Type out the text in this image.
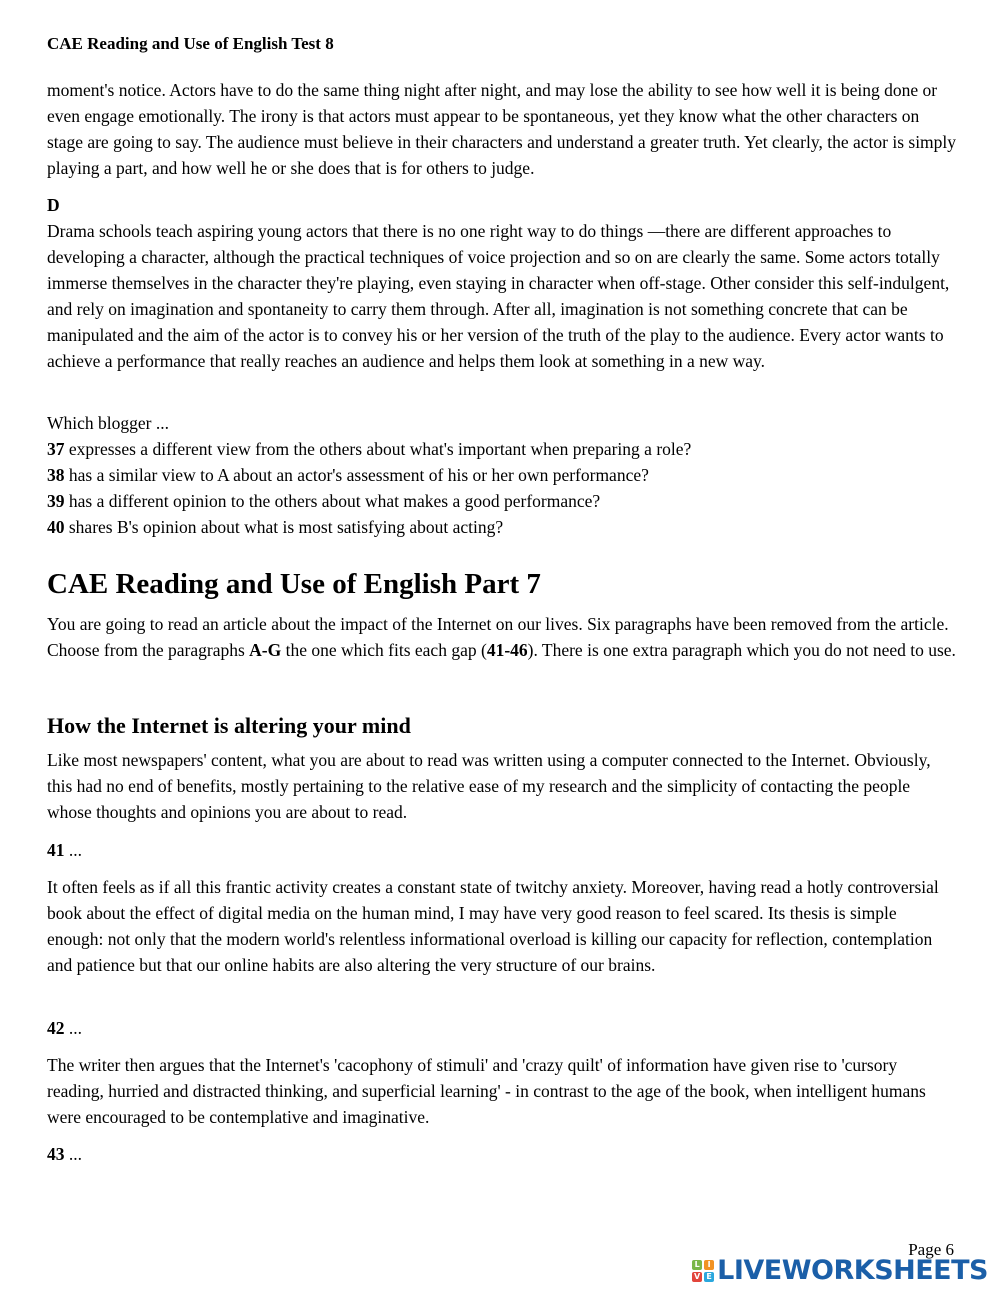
CAE Reading and Use of English Test 8

moment's notice. Actors have to do the same thing night after night, and may lose the ability to see how well it is being done or even engage emotionally. The irony is that actors must appear to be spontaneous, yet they know what the other characters on stage are going to say. The audience must believe in their characters and understand a greater truth. Yet clearly, the actor is simply playing a part, and how well he or she does that is for others to judge.

D

Drama schools teach aspiring young actors that there is no one right way to do things —there are different approaches to developing a character, although the practical techniques of voice projection and so on are clearly the same. Some actors totally immerse themselves in the character they're playing, even staying in character when off-stage. Other consider this self-indulgent, and rely on imagination and spontaneity to carry them through. After all, imagination is not something concrete that can be manipulated and the aim of the actor is to convey his or her version of the truth of the play to the audience. Every actor wants to achieve a performance that really reaches an audience and helps them look at something in a new way.

Which blogger ...
37 expresses a different view from the others about what's important when preparing a role?
38 has a similar view to A about an actor's assessment of his or her own performance?
39 has a different opinion to the others about what makes a good performance?
40 shares B's opinion about what is most satisfying about acting?
CAE Reading and Use of English Part 7

You are going to read an article about the impact of the Internet on our lives. Six paragraphs have been removed from the article. Choose from the paragraphs A-G the one which fits each gap (41-46). There is one extra paragraph which you do not need to use.

How the Internet is altering your mind

Like most newspapers' content, what you are about to read was written using a computer connected to the Internet. Obviously, this had no end of benefits, mostly pertaining to the relative ease of my research and the simplicity of contacting the people whose thoughts and opinions you are about to read.

41 ...

It often feels as if all this frantic activity creates a constant state of twitchy anxiety. Moreover, having read a hotly controversial book about the effect of digital media on the human mind, I may have very good reason to feel scared. Its thesis is simple enough: not only that the modern world's relentless informational overload is killing our capacity for reflection, contemplation and patience but that our online habits are also altering the very structure of our brains.

42 ...

The writer then argues that the Internet's 'cacophony of stimuli' and 'crazy quilt' of information have given rise to 'cursory reading, hurried and distracted thinking, and superficial learning' - in contrast to the age of the book, when intelligent humans were encouraged to be contemplative and imaginative.

43 ...
Page 6
L I
V E LIVEWORKSHEETS
